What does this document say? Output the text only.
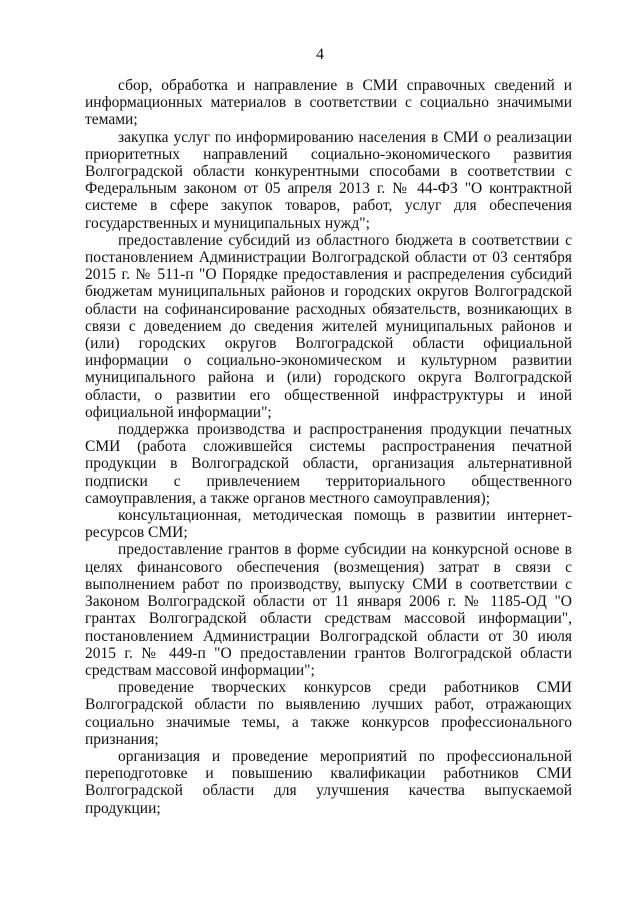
4

сбор, обработка и направление в СМИ справочных сведений и информационных материалов в соответствии с социально значимыми темами;

закупка услуг по информированию населения в СМИ о реализации приоритетных направлений социально-экономического развития Волгоградской области конкурентными способами в соответствии с Федеральным законом от 05 апреля 2013 г. № 44-ФЗ "О контрактной системе в сфере закупок товаров, работ, услуг для обеспечения государственных и муниципальных нужд";

предоставление субсидий из областного бюджета в соответствии с постановлением Администрации Волгоградской области от 03 сентября 2015 г. № 511-п "О Порядке предоставления и распределения субсидий бюджетам муниципальных районов и городских округов Волгоградской области на софинансирование расходных обязательств, возникающих в связи с доведением до сведения жителей муниципальных районов и (или) городских округов Волгоградской области официальной информации о социально-экономическом и культурном развитии муниципального района и (или) городского округа Волгоградской области, о развитии его общественной инфраструктуры и иной официальной информации";

поддержка производства и распространения продукции печатных СМИ (работа сложившейся системы распространения печатной продукции в Волгоградской области, организация альтернативной подписки с привлечением территориального общественного самоуправления, а также органов местного самоуправления);

консультационная, методическая помощь в развитии интернет-ресурсов СМИ;

предоставление грантов в форме субсидии на конкурсной основе в целях финансового обеспечения (возмещения) затрат в связи с выполнением работ по производству, выпуску СМИ в соответствии с Законом Волгоградской области от 11 января 2006 г. № 1185-ОД "О грантах Волгоградской области средствам массовой информации", постановлением Администрации Волгоградской области от 30 июля 2015 г. № 449-п "О предоставлении грантов Волгоградской области средствам массовой информации";

проведение творческих конкурсов среди работников СМИ Волгоградской области по выявлению лучших работ, отражающих социально значимые темы, а также конкурсов профессионального признания;

организация и проведение мероприятий по профессиональной переподготовке и повышению квалификации работников СМИ Волгоградской области для улучшения качества выпускаемой продукции;
